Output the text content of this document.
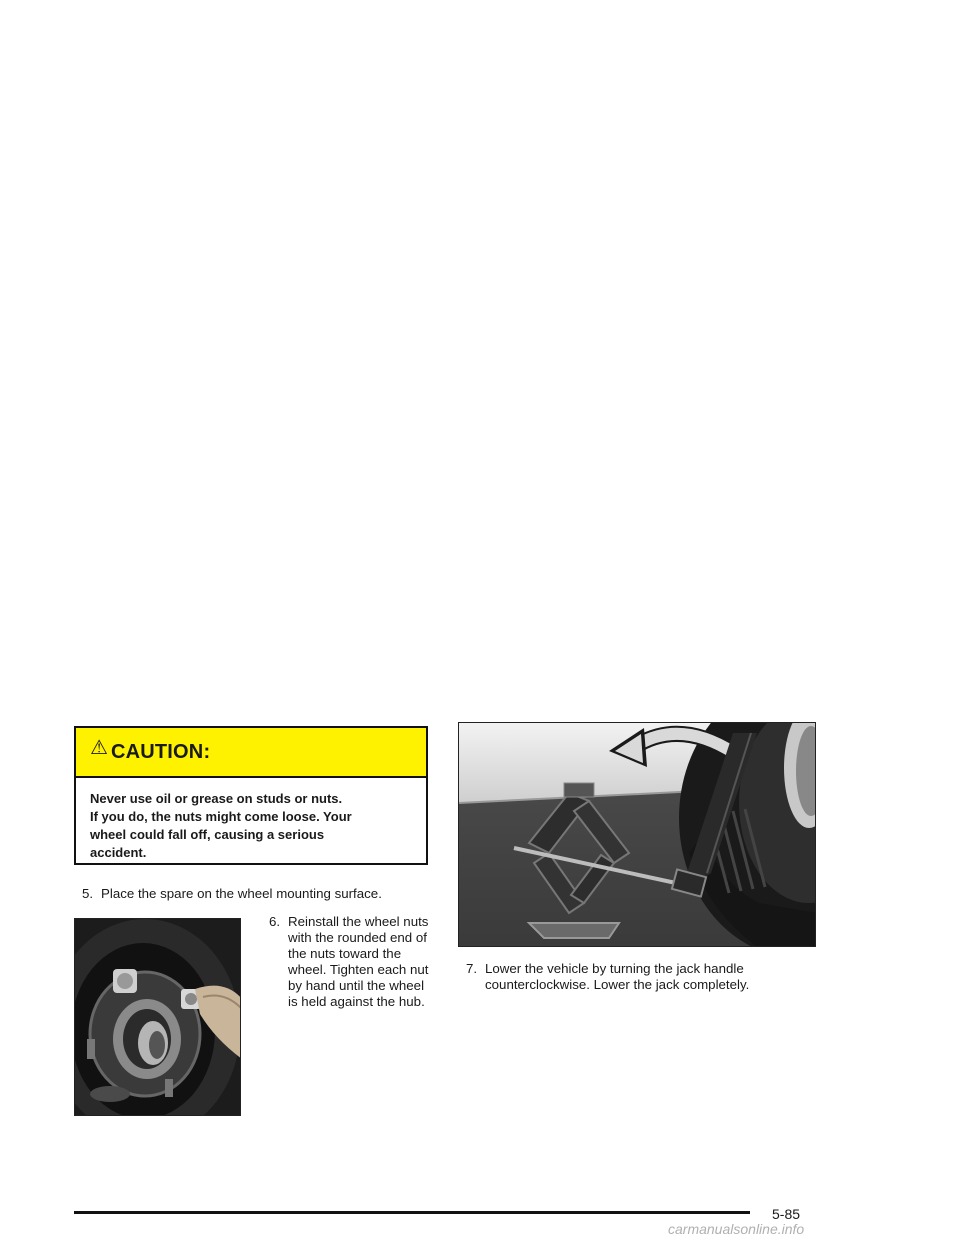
⚠ CAUTION:
Never use oil or grease on studs or nuts.
If you do, the nuts might come loose. Your
wheel could fall off, causing a serious
accident.
5. Place the spare on the wheel mounting surface.
6. Reinstall the wheel nuts
with the rounded end of
the nuts toward the
wheel. Tighten each nut
by hand until the wheel
is held against the hub.
7. Lower the vehicle by turning the jack handle
counterclockwise. Lower the jack completely.
5-85
carmanualsonline.info
